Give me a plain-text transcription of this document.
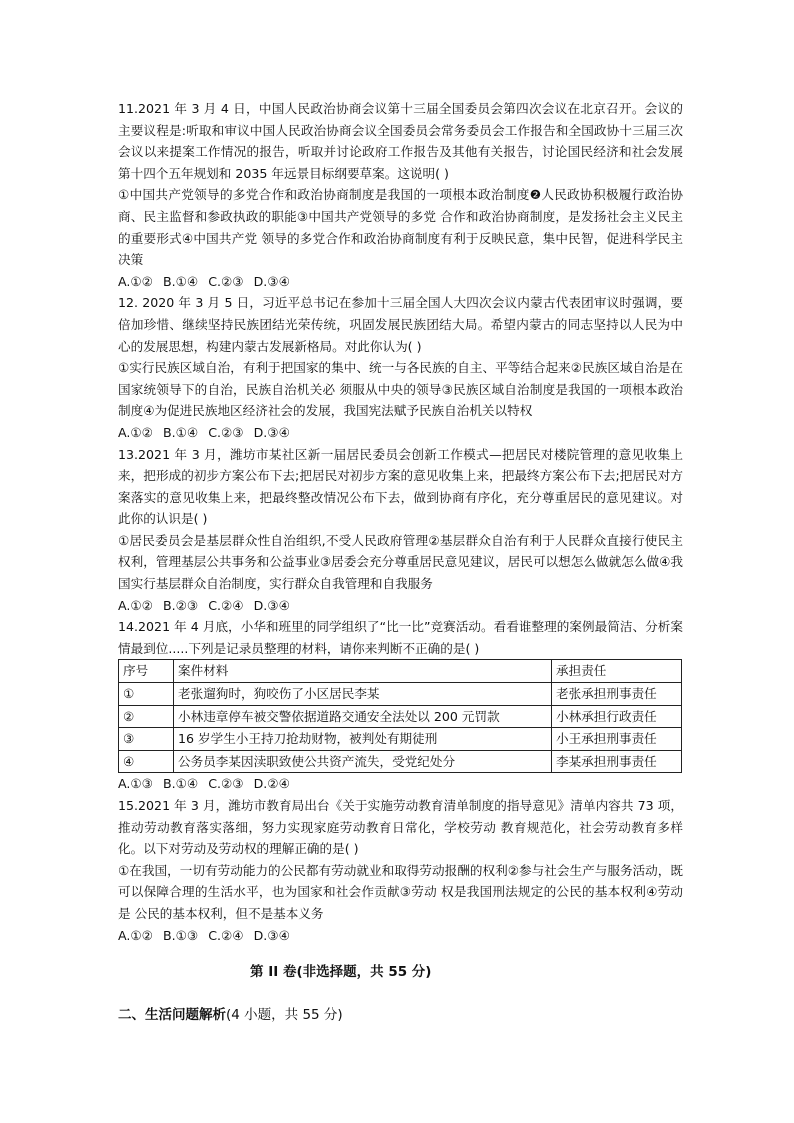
11.2021 年 3 月 4 日，中国人民政治协商会议第十三届全国委员会第四次会议在北京召开。会议的主要议程是:听取和审议中国人民政治协商会议全国委员会常务委员会工作报告和全国政协十三届三次会议以来提案工作情况的报告，听取并讨论政府工作报告及其他有关报告，讨论国民经济和社会发展第十四个五年规划和 2035 年远景目标纲要草案。这说明( )

①中国共产党领导的多党合作和政治协商制度是我国的一项根本政治制度❷人民政协积极履行政治协商、民主监督和参政执政的职能③中国共产党领导的多党 合作和政治协商制度，是发扬社会主义民主的重要形式④中国共产党 领导的多党合作和政治协商制度有利于反映民意，集中民智，促进科学民主决策

A.①② B.①④ C.②③ D.③④

12. 2020 年 3 月 5 日，习近平总书记在参加十三届全国人大四次会议内蒙古代表团审议时强调，要倍加珍惜、继续坚持民族团结光荣传统，巩固发展民族团结大局。希望内蒙古的同志坚持以人民为中心的发展思想，构建内蒙古发展新格局。对此你认为( )

①实行民族区域自治，有利于把国家的集中、统一与各民族的自主、平等结合起来②民族区域自治是在国家统领导下的自治，民族自治机关必 须服从中央的领导③民族区域自治制度是我国的一项根本政治制度④为促进民族地区经济社会的发展，我国宪法赋予民族自治机关以特权

A.①② B.①④ C.②③ D.③④

13.2021 年 3 月，潍坊市某社区新一届居民委员会创新工作模式—把居民对楼院管理的意见收集上来，把形成的初步方案公布下去;把居民对初步方案的意见收集上来，把最终方案公布下去;把居民对方案落实的意见收集上来，把最终整改情况公布下去，做到协商有序化，充分尊重居民的意见建议。对此你的认识是( )

①居民委员会是基层群众性自治组织,不受人民政府管理②基层群众自治有利于人民群众直接行使民主权利，管理基层公共事务和公益事业③居委会充分尊重居民意见建议，居民可以想怎么做就怎么做④我国实行基层群众自治制度，实行群众自我管理和自我服务

A.①② B.②③ C.②④ D.③④

14.2021 年 4 月底，小华和班里的同学组织了“比一比”竞赛活动。看看谁整理的案例最简洁、分析案情最到位.....下列是记录员整理的材料，请你来判断不正确的是( )

序号	案件材料	承担责任
①	老张遛狗时，狗咬伤了小区居民李某	老张承担刑事责任
②	小林违章停车被交警依据道路交通安全法处以 200 元罚款	小林承担行政责任
③	16 岁学生小王持刀抢劫财物，被判处有期徒刑	小王承担刑事责任
④	公务员李某因渎职致使公共资产流失，受党纪处分	李某承担刑事责任
A.①③ B.①④ C.②③ D.②④

15.2021 年 3 月，潍坊市教育局出台《关于实施劳动教育清单制度的指导意见》清单内容共 73 项，推动劳动教育落实落细，努力实现家庭劳动教育日常化，学校劳动 教育规范化，社会劳动教育多样化。以下对劳动及劳动权的理解正确的是( )

①在我国，一切有劳动能力的公民都有劳动就业和取得劳动报酬的权利②参与社会生产与服务活动，既可以保障合理的生活水平，也为国家和社会作贡献③劳动 权是我国刑法规定的公民的基本权利④劳动是 公民的基本权利，但不是基本义务

A.①② B.①③ C.②④ D.③④
第 II 卷(非选择题，共 55 分)
二、生活问题解析(4 小题，共 55 分)
